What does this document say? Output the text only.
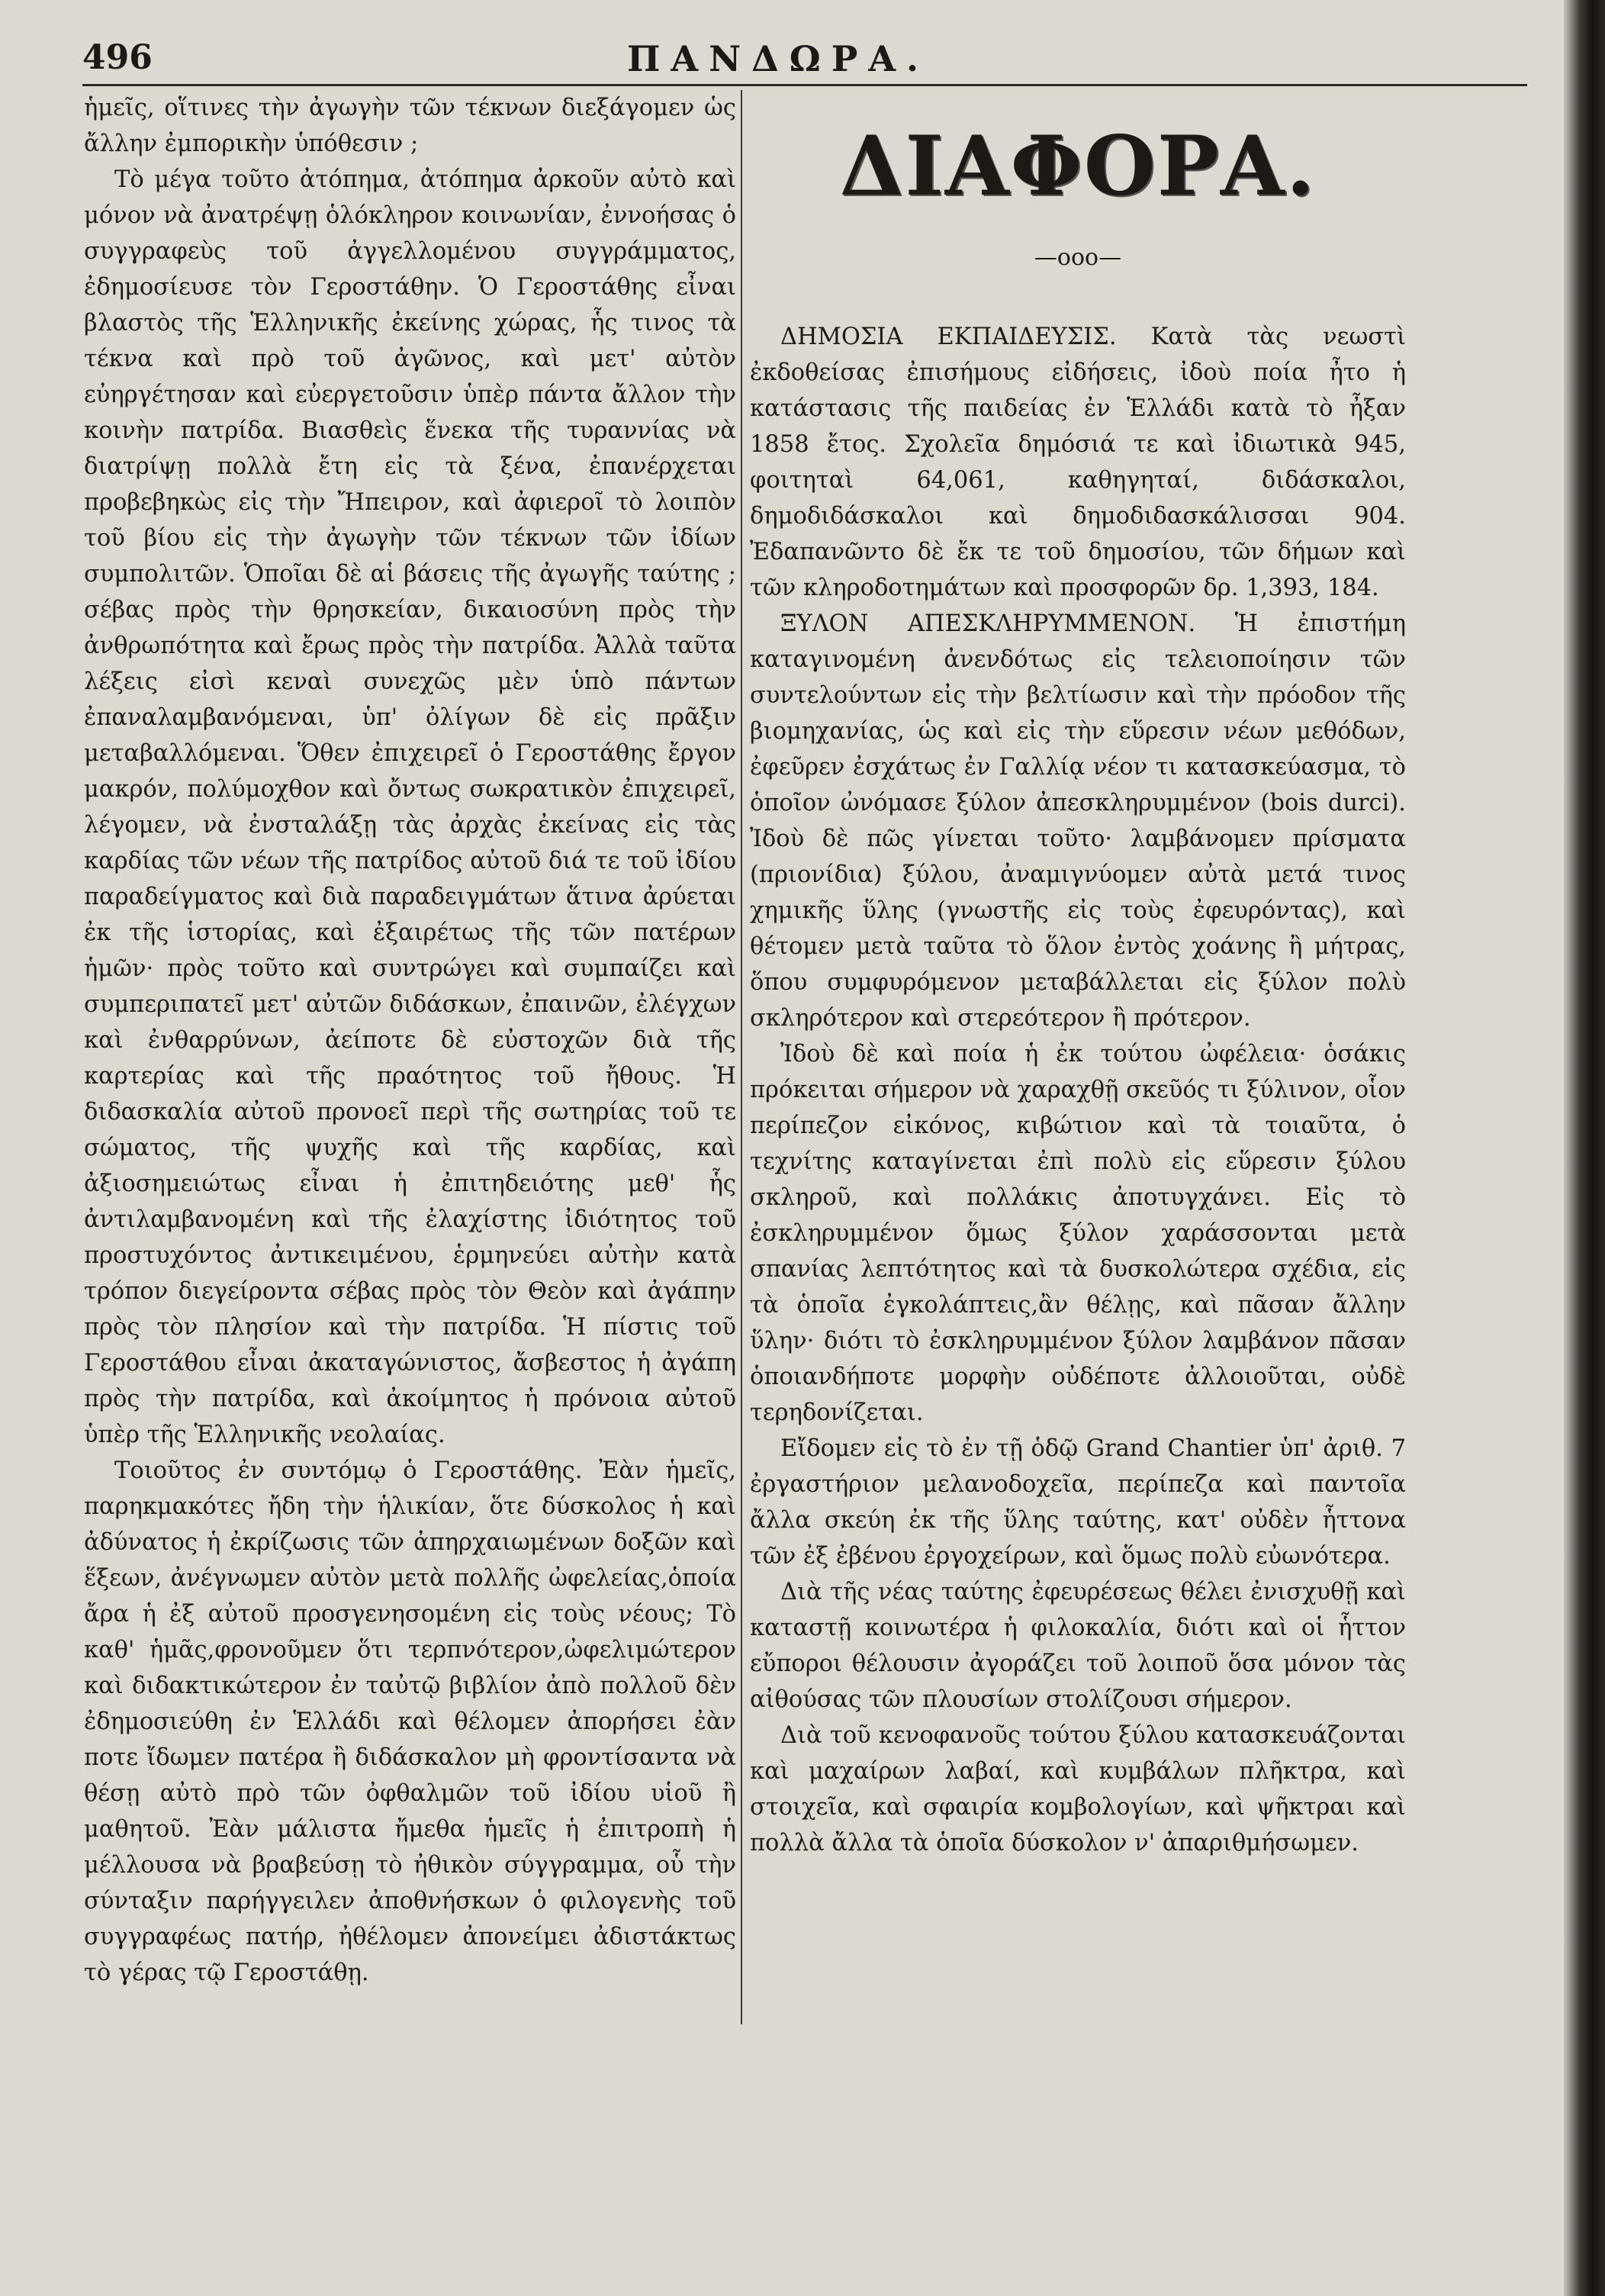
496	ΠΑΝΔΩΡΑ.

ἡμεῖς, οἵτινες τὴν ἀγωγὴν τῶν τέκνων διεξάγομεν ὡς ἄλλην ἐμπορικὴν ὑπόθεσιν ;

Τὸ μέγα τοῦτο ἀτόπημα, ἀτόπημα ἀρκοῦν αὐτὸ καὶ μόνον νὰ ἀνατρέψῃ ὁλόκληρον κοινωνίαν, ἐννοήσας ὁ συγγραφεὺς τοῦ ἀγγελλομένου συγγράμματος, ἐδημοσίευσε τὸν Γεροστάθην. Ὁ Γεροστάθης εἶναι βλαστὸς τῆς Ἑλληνικῆς ἐκείνης χώρας, ἧς τινος τὰ τέκνα καὶ πρὸ τοῦ ἀγῶνος, καὶ μετ' αὐτὸν εὐηργέτησαν καὶ εὐεργετοῦσιν ὑπὲρ πάντα ἄλλον τὴν κοινὴν πατρίδα. Βιασθεὶς ἕνεκα τῆς τυραννίας νὰ διατρίψῃ πολλὰ ἔτη εἰς τὰ ξένα, ἐπανέρχεται προβεβηκὼς εἰς τὴν Ἤπειρον, καὶ ἀφιεροῖ τὸ λοιπὸν τοῦ βίου εἰς τὴν ἀγωγὴν τῶν τέκνων τῶν ἰδίων συμπολιτῶν. Ὁποῖαι δὲ αἱ βάσεις τῆς ἀγωγῆς ταύτης ; σέβας πρὸς τὴν θρησκείαν, δικαιοσύνη πρὸς τὴν ἀνθρωπότητα καὶ ἔρως πρὸς τὴν πατρίδα. Ἀλλὰ ταῦτα λέξεις εἰσὶ κεναὶ συνεχῶς μὲν ὑπὸ πάντων ἐπαναλαμβανόμεναι, ὑπ' ὀλίγων δὲ εἰς πρᾶξιν μεταβαλλόμεναι. Ὅθεν ἐπιχειρεῖ ὁ Γεροστάθης ἔργον μακρόν, πολύμοχθον καὶ ὄντως σωκρατικὸν ἐπιχειρεῖ, λέγομεν, νὰ ἐνσταλάξῃ τὰς ἀρχὰς ἐκείνας εἰς τὰς καρδίας τῶν νέων τῆς πατρίδος αὐτοῦ διά τε τοῦ ἰδίου παραδείγματος καὶ διὰ παραδειγμάτων ἅτινα ἀρύεται ἐκ τῆς ἱστορίας, καὶ ἐξαιρέτως τῆς τῶν πατέρων ἡμῶν· πρὸς τοῦτο καὶ συντρώγει καὶ συμπαίζει καὶ συμπεριπατεῖ μετ' αὐτῶν διδάσκων, ἐπαινῶν, ἐλέγχων καὶ ἐνθαρρύνων, ἀείποτε δὲ εὐστοχῶν διὰ τῆς καρτερίας καὶ τῆς πραότητος τοῦ ἤθους. Ἡ διδασκαλία αὐτοῦ προνοεῖ περὶ τῆς σωτηρίας τοῦ τε σώματος, τῆς ψυχῆς καὶ τῆς καρδίας, καὶ ἀξιοσημειώτως εἶναι ἡ ἐπιτηδειότης μεθ' ἧς ἀντιλαμβανομένη καὶ τῆς ἐλαχίστης ἰδιότητος τοῦ προστυχόντος ἀντικειμένου, ἑρμηνεύει αὐτὴν κατὰ τρόπον διεγείροντα σέβας πρὸς τὸν Θεὸν καὶ ἀγάπην πρὸς τὸν πλησίον καὶ τὴν πατρίδα. Ἡ πίστις τοῦ Γεροστάθου εἶναι ἀκαταγώνιστος, ἄσβεστος ἡ ἀγάπη πρὸς τὴν πατρίδα, καὶ ἀκοίμητος ἡ πρόνοια αὐτοῦ ὑπὲρ τῆς Ἑλληνικῆς νεολαίας.

Τοιοῦτος ἐν συντόμῳ ὁ Γεροστάθης. Ἐὰν ἡμεῖς, παρηκμακότες ἤδη τὴν ἡλικίαν, ὅτε δύσκολος ἡ καὶ ἀδύνατος ἡ ἐκρίζωσις τῶν ἀπηρχαιωμένων δοξῶν καὶ ἕξεων, ἀνέγνωμεν αὐτὸν μετὰ πολλῆς ὠφελείας,ὁποία ἄρα ἡ ἐξ αὐτοῦ προσγενησομένη εἰς τοὺς νέους; Τὸ καθ' ἡμᾶς,φρονοῦμεν ὅτι τερπνότερον,ὠφελιμώτερον καὶ διδακτικώτερον ἐν ταὐτῷ βιβλίον ἀπὸ πολλοῦ δὲν ἐδημοσιεύθη ἐν Ἑλλάδι καὶ θέλομεν ἀπορήσει ἐὰν ποτε ἴδωμεν πατέρα ἢ διδάσκαλον μὴ φροντίσαντα νὰ θέσῃ αὐτὸ πρὸ τῶν ὀφθαλμῶν τοῦ ἰδίου υἱοῦ ἢ μαθητοῦ. Ἐὰν μάλιστα ἤμεθα ἡμεῖς ἡ ἐπιτροπὴ ἡ μέλλουσα νὰ βραβεύσῃ τὸ ἠθικὸν σύγγραμμα, οὗ τὴν σύνταξιν παρήγγειλεν ἀποθνήσκων ὁ φιλογενὴς τοῦ συγγραφέως πατήρ, ἠθέλομεν ἀπονείμει ἀδιστάκτως τὸ γέρας τῷ Γεροστάθῃ.

ΔΙΑΦΟΡΑ.
—ooo—

ΔΗΜΟΣΙΑ ΕΚΠΑΙΔΕΥΣΙΣ. Κατὰ τὰς νεωστὶ ἐκδοθείσας ἐπισήμους εἰδήσεις, ἰδοὺ ποία ἦτο ἡ κατάστασις τῆς παιδείας ἐν Ἑλλάδι κατὰ τὸ ἦξαν 1858 ἔτος. Σχολεῖα δημόσιά τε καὶ ἰδιωτικὰ 945, φοιτηταὶ 64,061, καθηγηταί, διδάσκαλοι, δημοδιδάσκαλοι καὶ δημοδιδασκάλισσαι 904. Ἐδαπανῶντο δὲ ἔκ τε τοῦ δημοσίου, τῶν δήμων καὶ τῶν κληροδοτημάτων καὶ προσφορῶν δρ. 1,393, 184.

ΞΥΛΟΝ ΑΠΕΣΚΛΗΡΥΜΜΕΝΟΝ. Ἡ ἐπιστήμη καταγινομένη ἀνενδότως εἰς τελειοποίησιν τῶν συντελούντων εἰς τὴν βελτίωσιν καὶ τὴν πρόοδον τῆς βιομηχανίας, ὡς καὶ εἰς τὴν εὕρεσιν νέων μεθόδων, ἐφεῦρεν ἐσχάτως ἐν Γαλλίᾳ νέον τι κατασκεύασμα, τὸ ὁποῖον ὠνόμασε ξύλον ἀπεσκληρυμμένον (bois durci). Ἰδοὺ δὲ πῶς γίνεται τοῦτο· λαμβάνομεν πρίσματα (πριονίδια) ξύλου, ἀναμιγνύομεν αὐτὰ μετά τινος χημικῆς ὕλης (γνωστῆς εἰς τοὺς ἐφευρόντας), καὶ θέτομεν μετὰ ταῦτα τὸ ὅλον ἐντὸς χοάνης ἢ μήτρας, ὅπου συμφυρόμενον μεταβάλλεται εἰς ξύλον πολὺ σκληρότερον καὶ στερεότερον ἢ πρότερον.

Ἰδοὺ δὲ καὶ ποία ἡ ἐκ τούτου ὠφέλεια· ὁσάκις πρόκειται σήμερον νὰ χαραχθῇ σκεῦός τι ξύλινον, οἷον περίπεζον εἰκόνος, κιβώτιον καὶ τὰ τοιαῦτα, ὁ τεχνίτης καταγίνεται ἐπὶ πολὺ εἰς εὕρεσιν ξύλου σκληροῦ, καὶ πολλάκις ἀποτυγχάνει. Εἰς τὸ ἐσκληρυμμένον ὅμως ξύλον χαράσσονται μετὰ σπανίας λεπτότητος καὶ τὰ δυσκολώτερα σχέδια, εἰς τὰ ὁποῖα ἐγκολάπτεις,ἂν θέλῃς, καὶ πᾶσαν ἄλλην ὕλην· διότι τὸ ἐσκληρυμμένον ξύλον λαμβάνον πᾶσαν ὁποιανδήποτε μορφὴν οὐδέποτε ἀλλοιοῦται, οὐδὲ τερηδονίζεται.

Εἴδομεν εἰς τὸ ἐν τῇ ὁδῷ Grand Chantier ὑπ' ἀριθ. 7 ἐργαστήριον μελανοδοχεῖα, περίπεζα καὶ παντοῖα ἄλλα σκεύη ἐκ τῆς ὕλης ταύτης, κατ' οὐδὲν ἧττονα τῶν ἐξ ἐβένου ἐργοχείρων, καὶ ὅμως πολὺ εὐωνότερα.

Διὰ τῆς νέας ταύτης ἐφευρέσεως θέλει ἐνισχυθῇ καὶ καταστῇ κοινωτέρα ἡ φιλοκαλία, διότι καὶ οἱ ἧττον εὔποροι θέλουσιν ἀγοράζει τοῦ λοιποῦ ὅσα μόνον τὰς αἰθούσας τῶν πλουσίων στολίζουσι σήμερον.

Διὰ τοῦ κενοφανοῦς τούτου ξύλου κατασκευάζονται καὶ μαχαίρων λαβαί, καὶ κυμβάλων πλῆκτρα, καὶ στοιχεῖα, καὶ σφαιρία κομβολογίων, καὶ ψῆκτραι καὶ πολλὰ ἄλλα τὰ ὁποῖα δύσκολον ν' ἀπαριθμήσωμεν.
